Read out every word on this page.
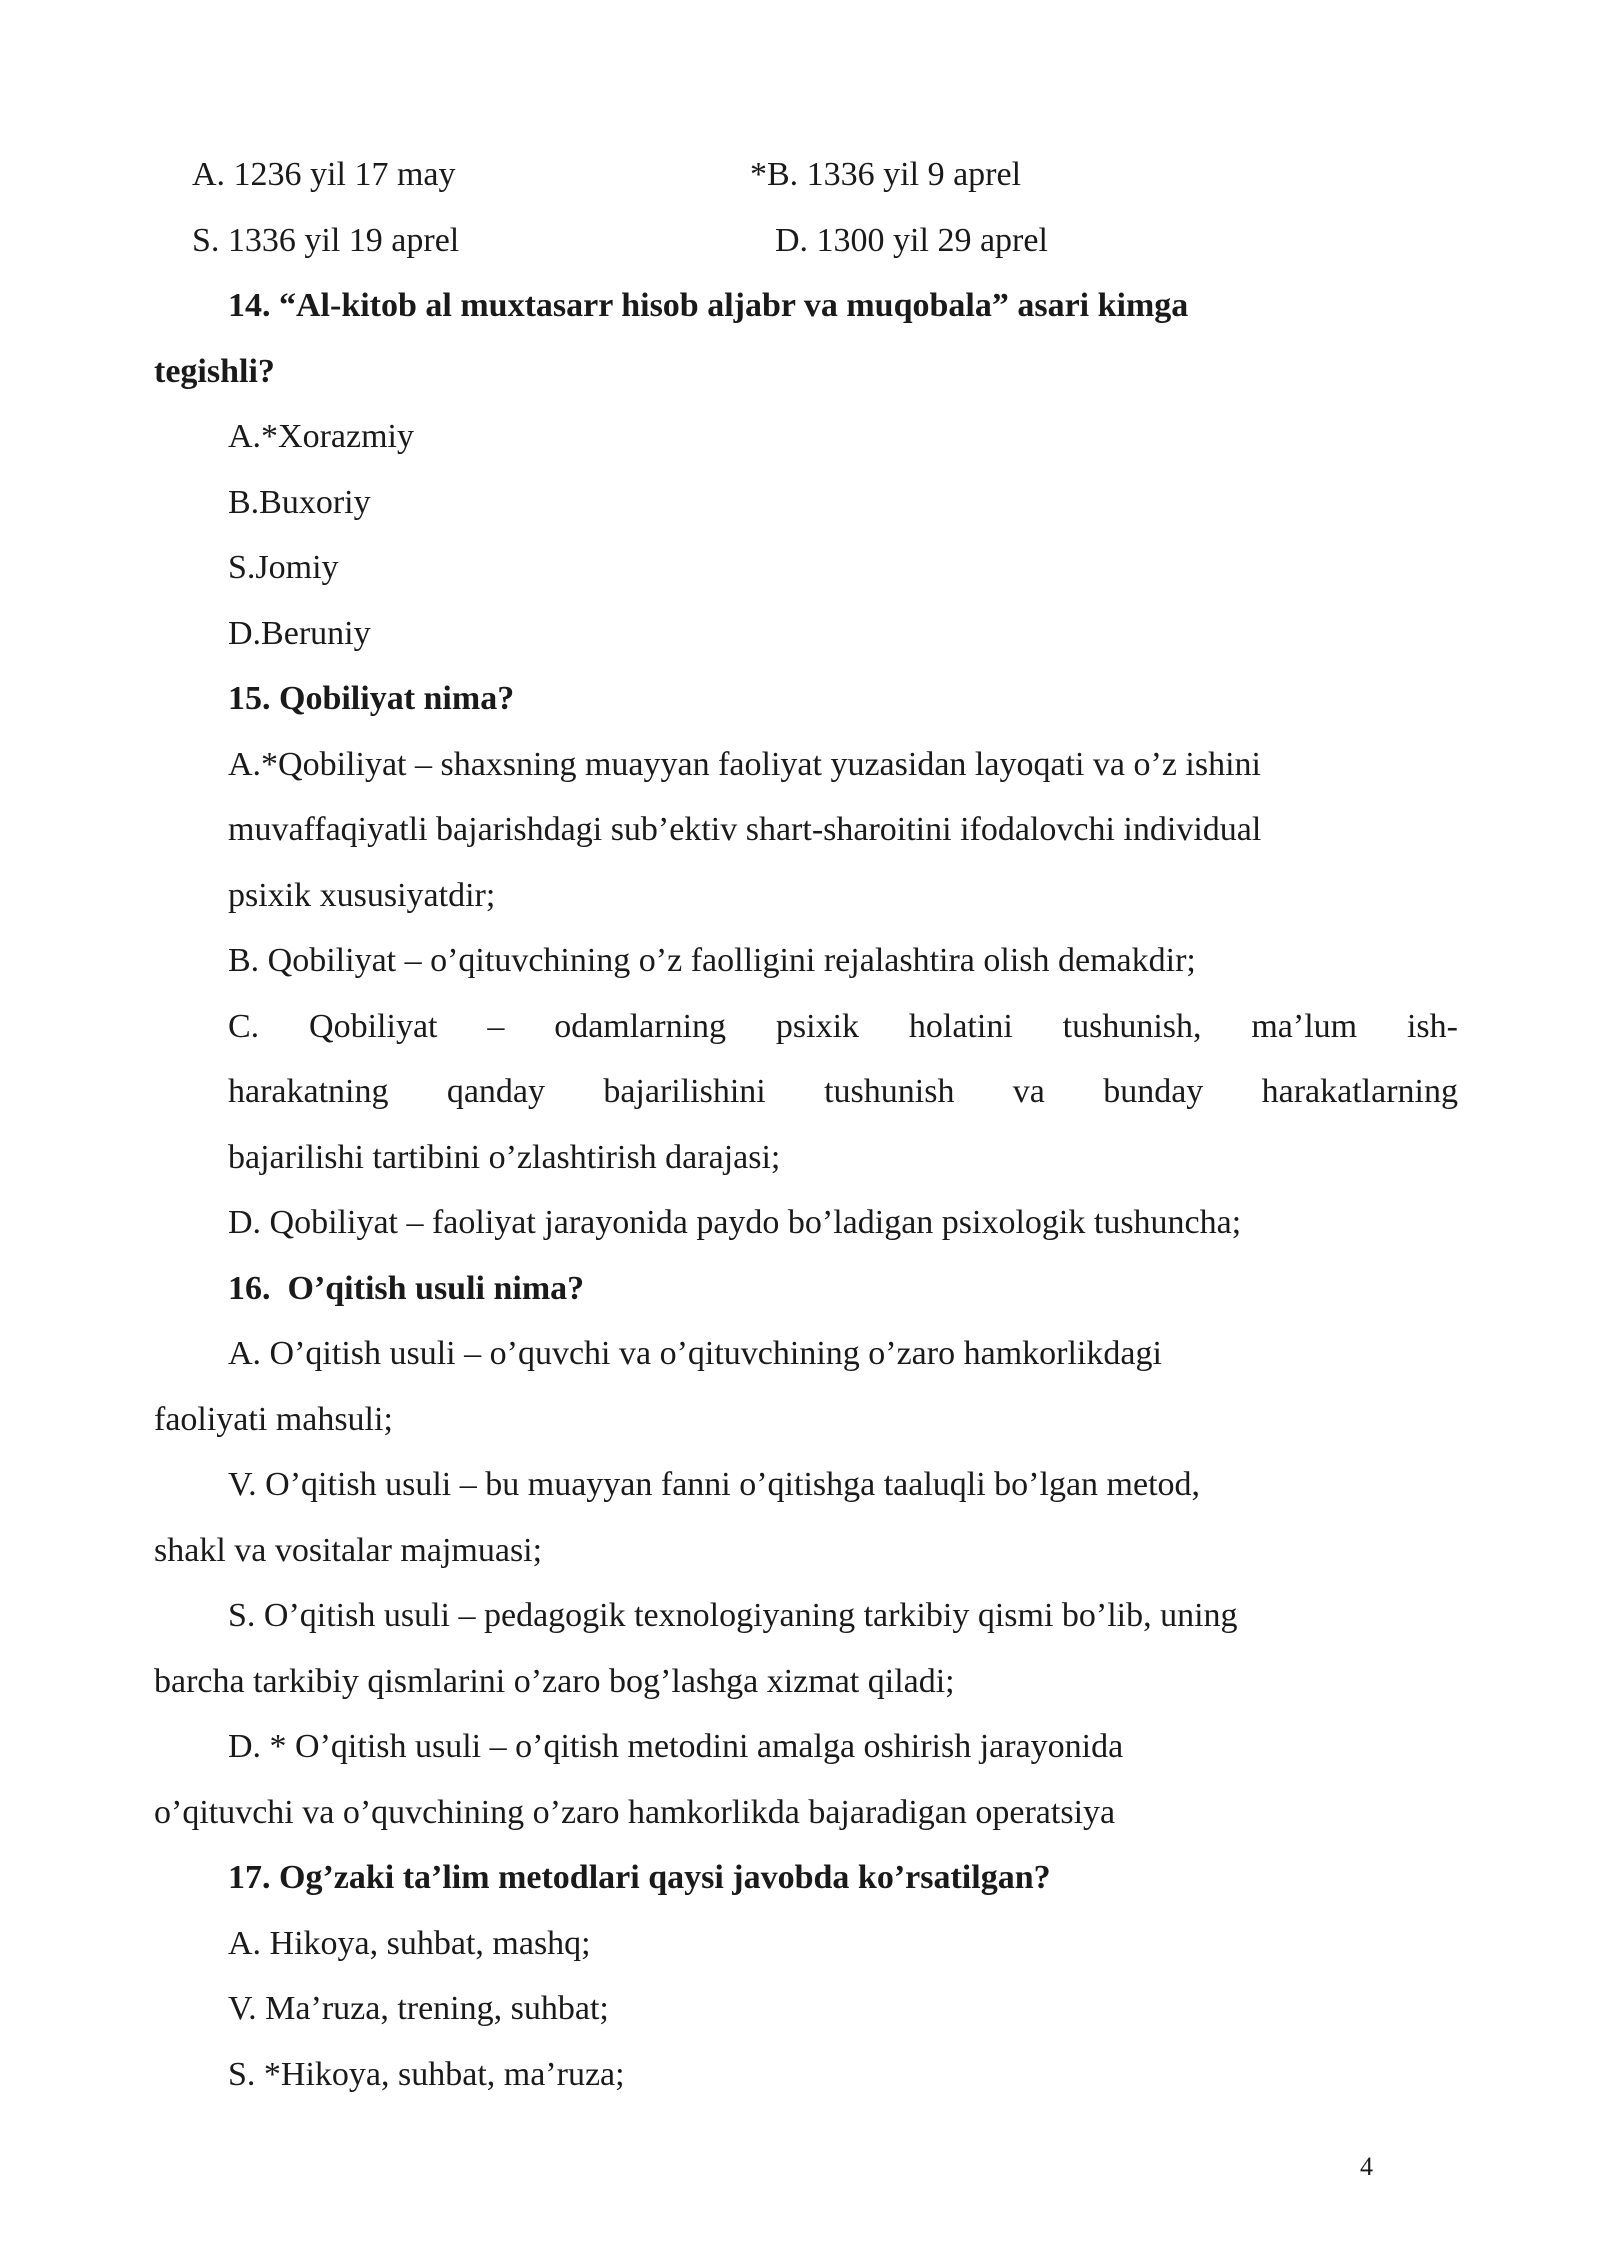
A. 1236 yil 17 may	*B. 1336 yil 9 aprel
S. 1336 yil 19 aprel	D. 1300 yil 29 aprel
14. “Al-kitob al muxtasarr hisob aljabr va muqobala” asari kimga
tegishli?
A.*Xorazmiy
B.Buxoriy
S.Jomiy
D.Beruniy
15. Qobiliyat nima?
A.*Qobiliyat – shaxsning muayyan faoliyat yuzasidan layoqati va o’z ishini
muvaffaqiyatli bajarishdagi sub’ektiv shart-sharoitini ifodalovchi individual
psixik xususiyatdir;
B. Qobiliyat – o’qituvchining o’z faolligini rejalashtira olish demakdir;
C. Qobiliyat – odamlarning psixik holatini tushunish, ma’lum ish-
harakatning qanday bajarilishini tushunish va bunday harakatlarning
bajarilishi tartibini o’zlashtirish darajasi;
D. Qobiliyat – faoliyat jarayonida paydo bo’ladigan psixologik tushuncha;
16.  O’qitish usuli nima?
A. O’qitish usuli – o’quvchi va o’qituvchining o’zaro hamkorlikdagi
faoliyati mahsuli;
V. O’qitish usuli – bu muayyan fanni o’qitishga taaluqli bo’lgan metod,
shakl va vositalar majmuasi;
S. O’qitish usuli – pedagogik texnologiyaning tarkibiy qismi bo’lib, uning
barcha tarkibiy qismlarini o’zaro bog’lashga xizmat qiladi;
D. * O’qitish usuli – o’qitish metodini amalga oshirish jarayonida
o’qituvchi va o’quvchining o’zaro hamkorlikda bajaradigan operatsiya
17. Og’zaki ta’lim metodlari qaysi javobda ko’rsatilgan?
A. Hikoya, suhbat, mashq;
V. Ma’ruza, trening, suhbat;
S. *Hikoya, suhbat, ma’ruza;
4
